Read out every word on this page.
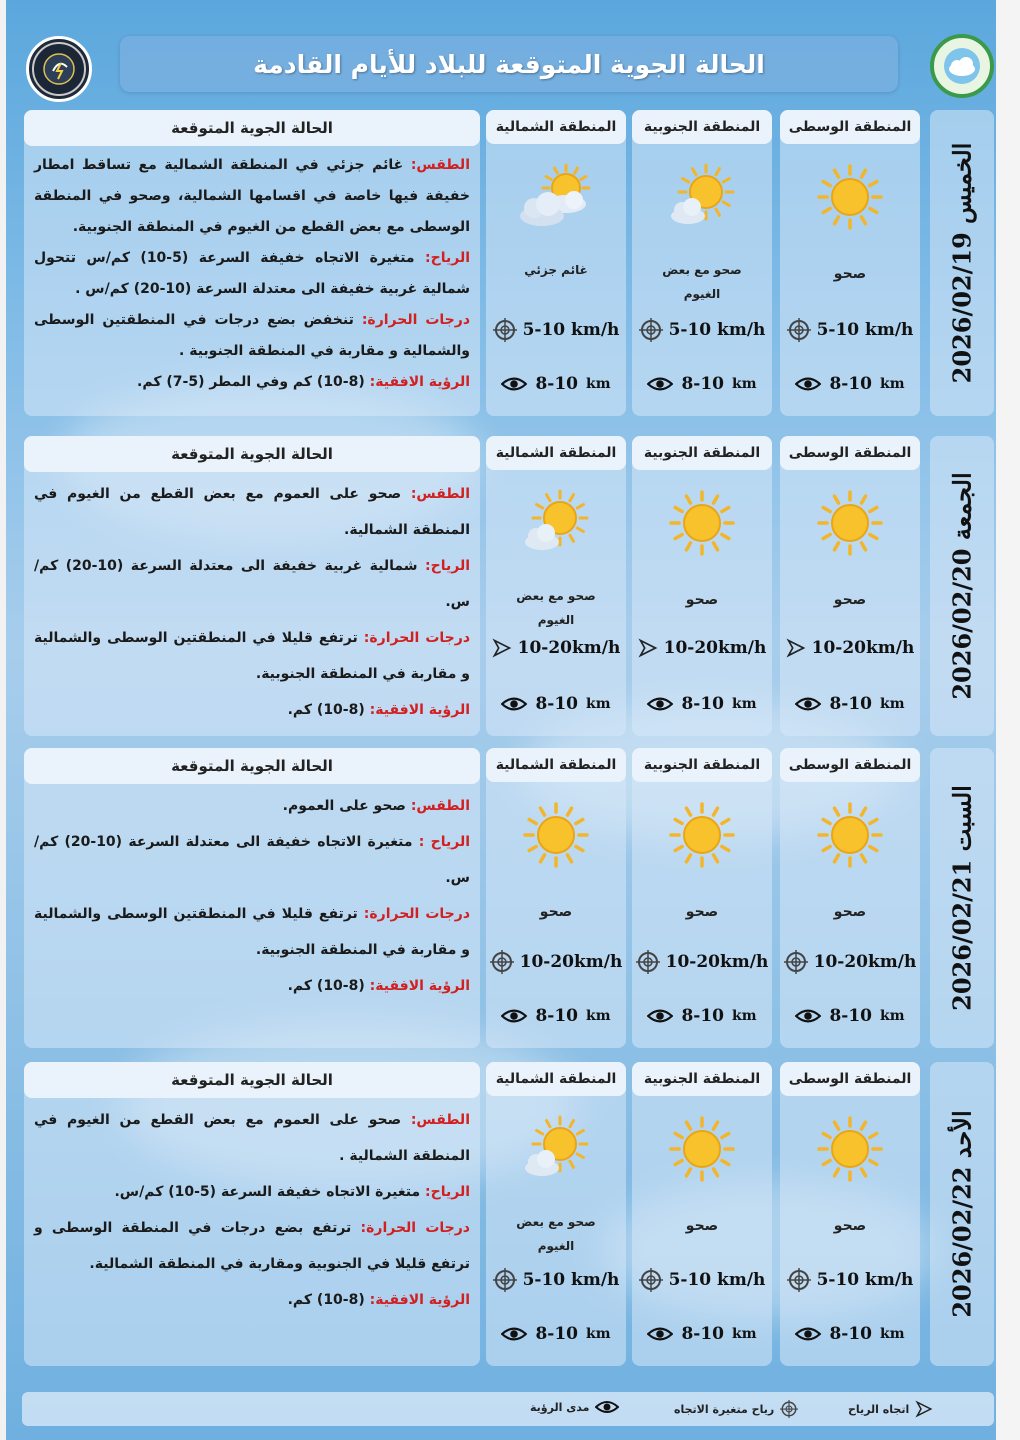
الحالة الجوية المتوقعة للبلاد للأيام القادمة
الحالة الجوية المتوقعة
الطقس: غائم جزئي في المنطقة الشمالية مع تساقط امطار خفيفة فيها خاصة في اقسامها الشمالية، وصحو في المنطقة الوسطى مع بعض القطع من الغيوم في المنطقة الجنوبية.
الرياح: متغيرة الاتجاه خفيفة السرعة (5-10) كم/س تتحول شمالية غربية خفيفة الى معتدلة السرعة (10-20) كم/س .
درجات الحرارة: تنخفض بضع درجات في المنطقتين الوسطى والشمالية و مقاربة في المنطقة الجنوبية .
الرؤية الافقية: (8-10) كم وفي المطر (5-7) كم.
المنطقة الشمالية
غائم جزئي
5-10 km/h
8-10 km
المنطقة الجنوبية
صحو مع بعض الغيوم
5-10 km/h
8-10 km
المنطقة الوسطى
صحو
5-10 km/h
8-10 km
الخميس 2026/02/19
الحالة الجوية المتوقعة
الطقس: صحو على العموم مع بعض القطع من الغيوم في المنطقة الشمالية.
الرياح: شمالية غربية خفيفة الى معتدلة السرعة (10-20) كم/س.
درجات الحرارة: ترتفع قليلا في المنطقتين الوسطى والشمالية و مقاربة في المنطقة الجنوبية.
الرؤية الافقية: (8-10) كم.
المنطقة الشمالية
صحو مع بعض الغيوم
10-20km/h
8-10 km
المنطقة الجنوبية
صحو
10-20km/h
8-10 km
المنطقة الوسطى
صحو
10-20km/h
8-10 km
الجمعة 2026/02/20
الحالة الجوية المتوقعة
الطقس: صحو على العموم.
الرياح : متغيرة الاتجاه خفيفة الى معتدلة السرعة (10-20) كم/س.
درجات الحرارة: ترتفع قليلا في المنطقتين الوسطى والشمالية و مقاربة في المنطقة الجنوبية.
الرؤية الافقية: (8-10) كم.
المنطقة الشمالية
صحو
10-20km/h
8-10 km
المنطقة الجنوبية
صحو
10-20km/h
8-10 km
المنطقة الوسطى
صحو
10-20km/h
8-10 km
السبت 2026/02/21
الحالة الجوية المتوقعة
الطقس: صحو على العموم مع بعض القطع من الغيوم في المنطقة الشمالية .
الرياح: متغيرة الاتجاه خفيفة السرعة (5-10) كم/س.
درجات الحرارة: ترتفع بضع درجات في المنطقة الوسطى و ترتفع قليلا في الجنوبية ومقاربة في المنطقة الشمالية.
الرؤية الافقية: (8-10) كم.
المنطقة الشمالية
صحو مع بعض الغيوم
5-10 km/h
8-10 km
المنطقة الجنوبية
صحو
5-10 km/h
8-10 km
المنطقة الوسطى
صحو
5-10 km/h
8-10 km
الأحد 2026/02/22
مدى الرؤية	رياح متغيرة الاتجاه	اتجاه الرياح
